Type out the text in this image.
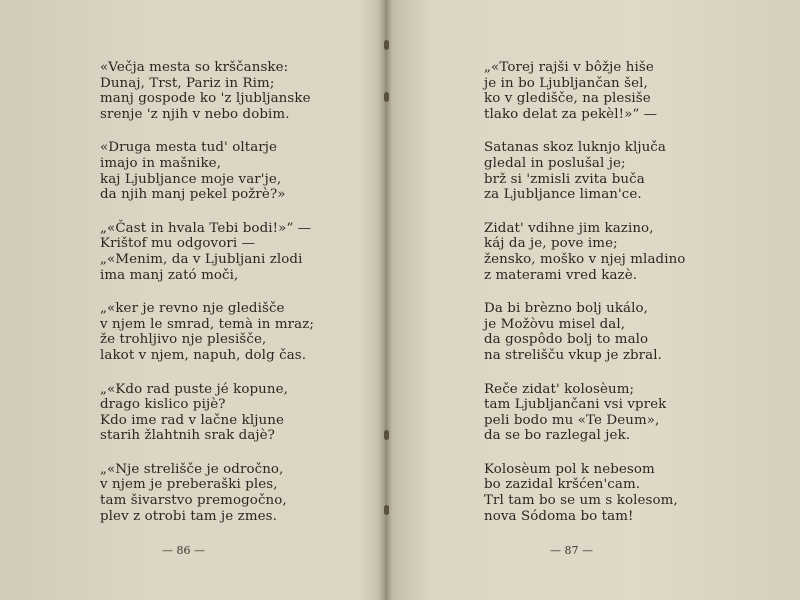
«Večja mesta so krščanske:
Dunaj, Trst, Pariz in Rim;
manj gospode ko 'z ljubljanske
srenje 'z njih v nebo dobim.
«Druga mesta tud' oltarje
imajo in mašnike,
kaj Ljubljance moje var'je,
da njih manj pekel požrè?»
„«Čast in hvala Tebi bodi!»“ —
Krištof mu odgovori —
„«Menim, da v Ljubljani zlodi
ima manj zató moči,
„«ker je revno nje gledišče
v njem le smrad, temà in mraz;
že trohljivo nje plesišče,
lakot v njem, napuh, dolg čas.
„«Kdo rad puste jé kopune,
drago kislico pijè?
Kdo ime rad v lačne kljune
starih žlahtnih srak dajè?
„«Nje strelišče je odročno,
v njem je preberaški ples,
tam šivarstvo premogočno,
plev z otrobi tam je zmes.
„«Torej rajši v bôžje hiše
je in bo Ljubljančan šel,
ko v gledišče, na plesiše
tlako delat za pekèl!»“ —
Satanas skoz luknjo ključa
gledal in poslušal je;
brž si 'zmisli zvita buča
za Ljubljance liman'ce.
Zidat' vdihne jim kazino,
káj da je, pove ime;
žensko, moško v njej mladino
z materami vred kazè.
Da bi brèzno bolj ukálo,
je Možòvu misel dal,
da gospôdo bolj to malo
na strelišču vkup je zbral.
Reče zidat' kolosèum;
tam Ljubljančani vsi vprek
peli bodo mu «Te Deum»,
da se bo razlegal jek.
Kolosèum pol k nebesom
bo zazidal kršćen'cam.
Trl tam bo se um s kolesom,
nova Sódoma bo tam!
— 86 —	— 87 —
